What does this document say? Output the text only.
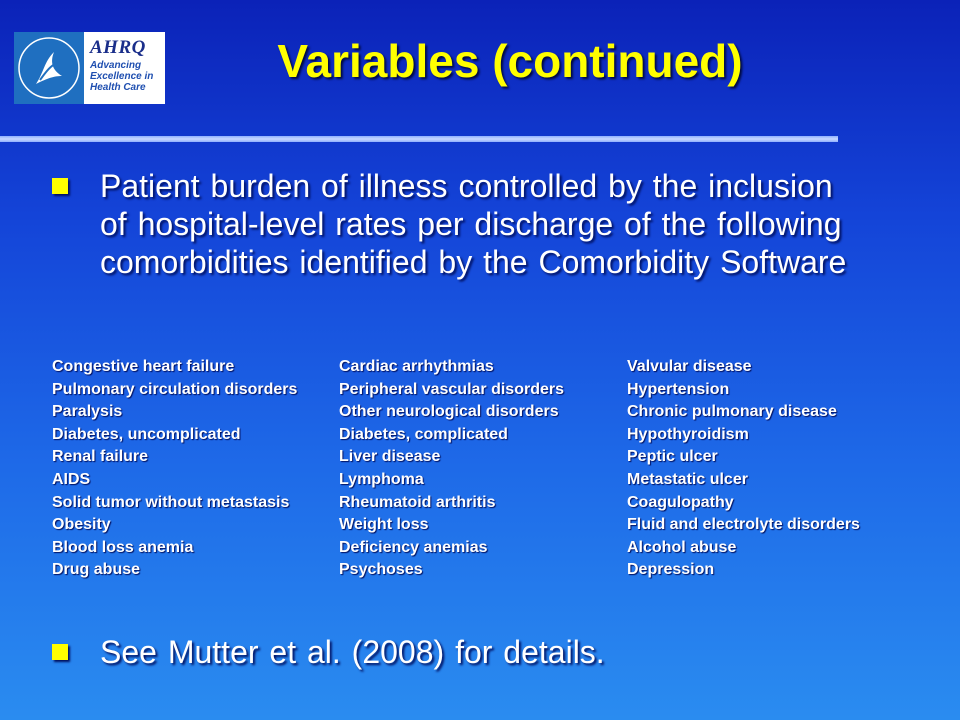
AHRQ
Advancing
Excellence in
Health Care
Variables (continued)
Patient burden of illness controlled by the inclusion of hospital-level rates per discharge of the following comorbidities identified by the Comorbidity Software
Congestive heart failure
Pulmonary circulation disorders
Paralysis
Diabetes, uncomplicated
Renal failure
AIDS
Solid tumor without metastasis
Obesity
Blood loss anemia
Drug abuse
Cardiac arrhythmias
Peripheral vascular disorders
Other neurological disorders
Diabetes, complicated
Liver disease
Lymphoma
Rheumatoid arthritis
Weight loss
Deficiency anemias
Psychoses
Valvular disease
Hypertension
Chronic pulmonary disease
Hypothyroidism
Peptic ulcer
Metastatic ulcer
Coagulopathy
Fluid and electrolyte disorders
Alcohol abuse
Depression
See Mutter et al. (2008) for details.
